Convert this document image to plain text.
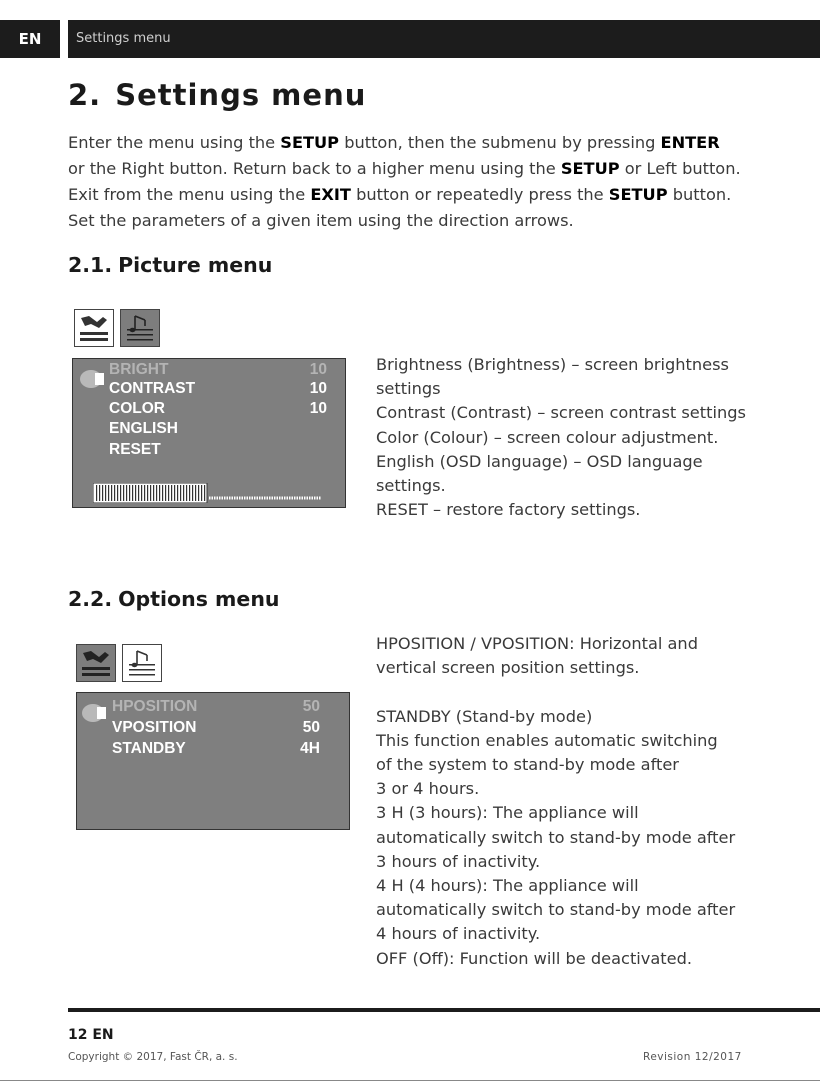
EN	Settings menu
2. Settings menu
Enter the menu using the SETUP button, then the submenu by pressing ENTER
or the Right button. Return back to a higher menu using the SETUP or Left button.
Exit from the menu using the EXIT button or repeatedly press the SETUP button.
Set the parameters of a given item using the direction arrows.
2.1. Picture menu
BRIGHT	10
CONTRAST	10
COLOR	10
ENGLISH
RESET

Brightness (Brightness) – screen brightness

settings

Contrast (Contrast) – screen contrast settings

Color (Colour) – screen colour adjustment.

English (OSD language) – OSD language

settings.

RESET – restore factory settings.

2.2. Options menu
HPOSITION	50
VPOSITION	50
STANDBY	4H

HPOSITION / VPOSITION: Horizontal and

vertical screen position settings.

STANDBY (Stand-by mode)

This function enables automatic switching

of the system to stand-by mode after

3 or 4 hours.

3 H (3 hours): The appliance will

automatically switch to stand-by mode after

3 hours of inactivity.

4 H (4 hours): The appliance will

automatically switch to stand-by mode after

4 hours of inactivity.

OFF (Off): Function will be deactivated.

12 EN
Copyright © 2017, Fast ČR, a. s.	Revision 12/2017
